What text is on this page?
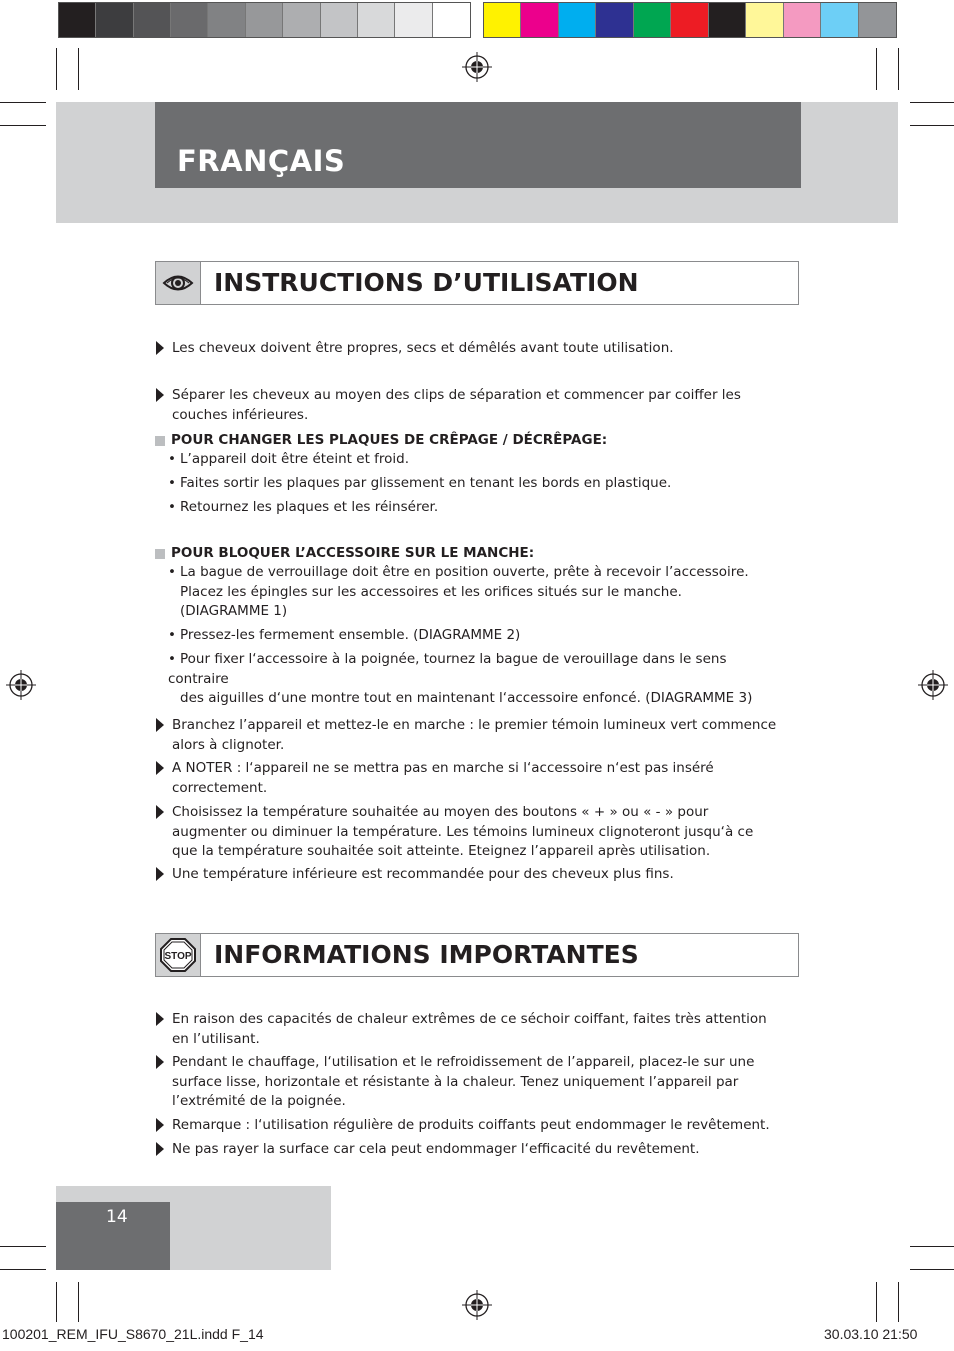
FRANÇAIS
INSTRUCTIONS D’UTILISATION
Les cheveux doivent être propres, secs et démêlés avant toute utilisation.
Séparer les cheveux au moyen des clips de séparation et commencer par coiffer les
couches inférieures.
POUR CHANGER LES PLAQUES DE CRÊPAGE / DÉCRÊPAGE:
• L’appareil doit être éteint et froid.
• Faites sortir les plaques par glissement en tenant les bords en plastique.
• Retournez les plaques et les réinsérer.
POUR BLOQUER L’ACCESSOIRE SUR LE MANCHE:
• La bague de verrouillage doit être en position ouverte, prête à recevoir l’accessoire.
Placez les épingles sur les accessoires et les orifices situés sur le manche.
(DIAGRAMME 1)
• Pressez-les fermement ensemble. (DIAGRAMME 2)
• Pour fixer l‘accessoire à la poignée, tournez la bague de verouillage dans le sens contraire
des aiguilles d‘une montre tout en maintenant l‘accessoire enfoncé. (DIAGRAMME 3)
Branchez l’appareil et mettez-le en marche : le premier témoin lumineux vert commence
alors à clignoter.
A NOTER : l‘appareil ne se mettra pas en marche si l‘accessoire n‘est pas inséré
correctement.
Choisissez la température souhaitée au moyen des boutons « + » ou « - » pour
augmenter ou diminuer la température. Les témoins lumineux clignoteront jusqu‘à ce
que la température souhaitée soit atteinte. Eteignez l’appareil après utilisation.
Une température inférieure est recommandée pour des cheveux plus fins.
STOP INFORMATIONS IMPORTANTES
En raison des capacités de chaleur extrêmes de ce séchoir coiffant, faites très attention
en l’utilisant.
Pendant le chauffage, l‘utilisation et le refroidissement de l’appareil, placez-le sur une
surface lisse, horizontale et résistante à la chaleur. Tenez uniquement l’appareil par
l’extrémité de la poignée.
Remarque : l‘utilisation régulière de produits coiffants peut endommager le revêtement.
Ne pas rayer la surface car cela peut endommager l‘efficacité du revêtement.
14
100201_REM_IFU_S8670_21L.indd F_14	30.03.10 21:50
